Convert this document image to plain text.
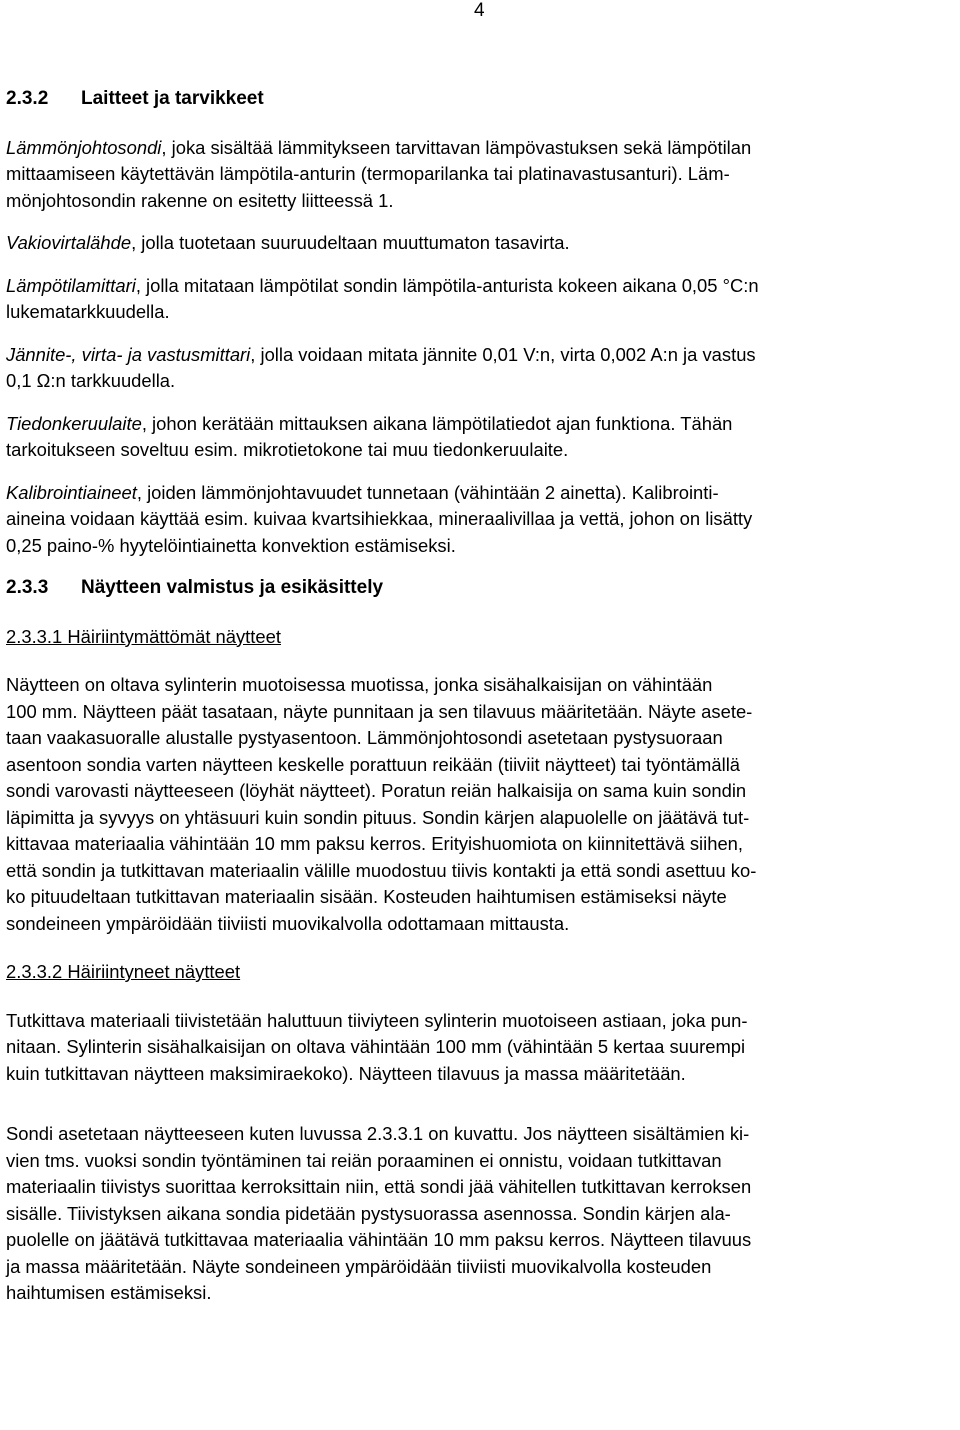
4
2.3.2 Laitteet ja tarvikkeet
Lämmönjohtosondi, joka sisältää lämmitykseen tarvittavan lämpövastuksen sekä lämpötilan
mittaamiseen käytettävän lämpötila-anturin (termoparilanka tai platinavastusanturi). Läm-
mönjohtosondin rakenne on esitetty liitteessä 1.
Vakiovirtalähde, jolla tuotetaan suuruudeltaan muuttumaton tasavirta.
Lämpötilamittari, jolla mitataan lämpötilat sondin lämpötila-anturista kokeen aikana 0,05 °C:n
lukematarkkuudella.
Jännite-, virta- ja vastusmittari, jolla voidaan mitata jännite 0,01 V:n, virta 0,002 A:n ja vastus
0,1 Ω:n tarkkuudella.
Tiedonkeruulaite, johon kerätään mittauksen aikana lämpötilatiedot ajan funktiona. Tähän
tarkoitukseen soveltuu esim. mikrotietokone tai muu tiedonkeruulaite.
Kalibrointiaineet, joiden lämmönjohtavuudet tunnetaan (vähintään 2 ainetta). Kalibrointi-
aineina voidaan käyttää esim. kuivaa kvartsihiekkaa, mineraalivillaa ja vettä, johon on lisätty
0,25 paino-% hyytelöintiainetta konvektion estämiseksi.
2.3.3 Näytteen valmistus ja esikäsittely
2.3.3.1 Häiriintymättömät näytteet
Näytteen on oltava sylinterin muotoisessa muotissa, jonka sisähalkaisijan on vähintään
100 mm. Näytteen päät tasataan, näyte punnitaan ja sen tilavuus määritetään. Näyte asete-
taan vaakasuoralle alustalle pystyasentoon. Lämmönjohtosondi asetetaan pystysuoraan
asentoon sondia varten näytteen keskelle porattuun reikään (tiiviit näytteet) tai työntämällä
sondi varovasti näytteeseen (löyhät näytteet). Poratun reiän halkaisija on sama kuin sondin
läpimitta ja syvyys on yhtäsuuri kuin sondin pituus. Sondin kärjen alapuolelle on jäätävä tut-
kittavaa materiaalia vähintään 10 mm paksu kerros. Erityishuomiota on kiinnitettävä siihen,
että sondin ja tutkittavan materiaalin välille muodostuu tiivis kontakti ja että sondi asettuu ko-
ko pituudeltaan tutkittavan materiaalin sisään. Kosteuden haihtumisen estämiseksi näyte
sondeineen ympäröidään tiiviisti muovikalvolla odottamaan mittausta.
2.3.3.2 Häiriintyneet näytteet
Tutkittava materiaali tiivistetään haluttuun tiiviyteen sylinterin muotoiseen astiaan, joka pun-
nitaan. Sylinterin sisähalkaisijan on oltava vähintään 100 mm (vähintään 5 kertaa suurempi
kuin tutkittavan näytteen maksimiraekoko). Näytteen tilavuus ja massa määritetään.
Sondi asetetaan näytteeseen kuten luvussa 2.3.3.1 on kuvattu. Jos näytteen sisältämien ki-
vien tms. vuoksi sondin työntäminen tai reiän poraaminen ei onnistu, voidaan tutkittavan
materiaalin tiivistys suorittaa kerroksittain niin, että sondi jää vähitellen tutkittavan kerroksen
sisälle. Tiivistyksen aikana sondia pidetään pystysuorassa asennossa. Sondin kärjen ala-
puolelle on jäätävä tutkittavaa materiaalia vähintään 10 mm paksu kerros. Näytteen tilavuus
ja massa määritetään. Näyte sondeineen ympäröidään tiiviisti muovikalvolla kosteuden
haihtumisen estämiseksi.
